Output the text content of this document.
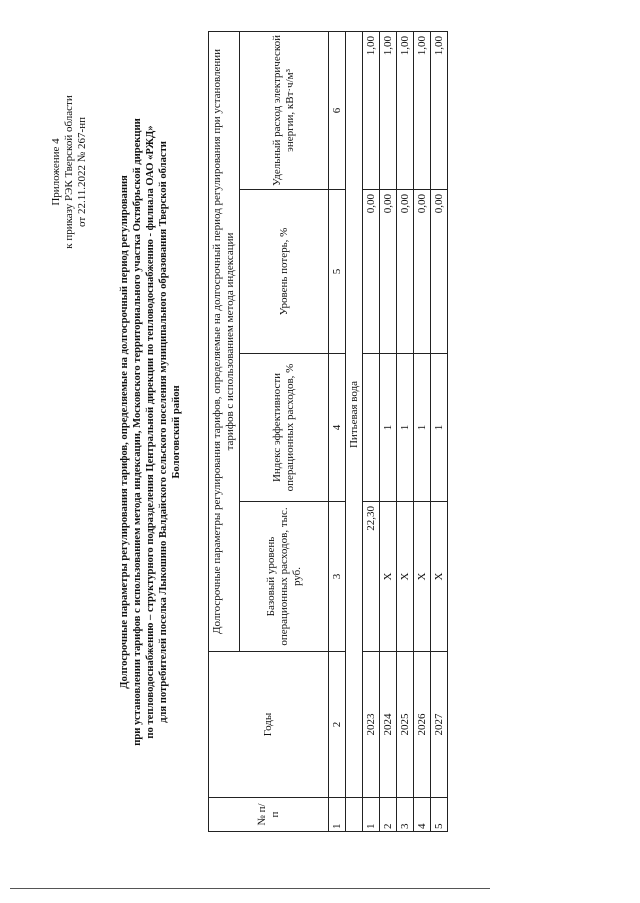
Приложение 4 к приказу РЭК Тверской области от 22.11.2022 № 267-нп
Долгосрочные параметры регулирования тарифов, определяемые на долгосрочный период регулирования при установлении тарифов с использованием метода индексации, Московского территориального участка Октябрьской дирекции по тепловодоснабжению – структурного подразделения Центральной дирекции по тепловодоснабжению - филиала ОАО «РЖД» для потребителей поселка Лыкошино Валдайского сельского поселения муниципального образования Тверской области Бологовский район
№ п/п	Годы	Долгосрочные параметры регулирования тарифов, определяемые на долгосрочный период регулирования при установлении тарифов с использованием метода индексации			
		Базовый уровень операционных расходов, тыс. руб.	Индекс эффективности операционных расходов, %	Уровень потерь, %	Удельный расход электрической энергии, кВт·ч/м³
1	2	3	4	5	6
	Питьевая вода				
1	2023	22,30		0,00	1,00
2	2024	Х	1	0,00	1,00
3	2025	Х	1	0,00	1,00
4	2026	Х	1	0,00	1,00
5	2027	Х	1	0,00	1,00
